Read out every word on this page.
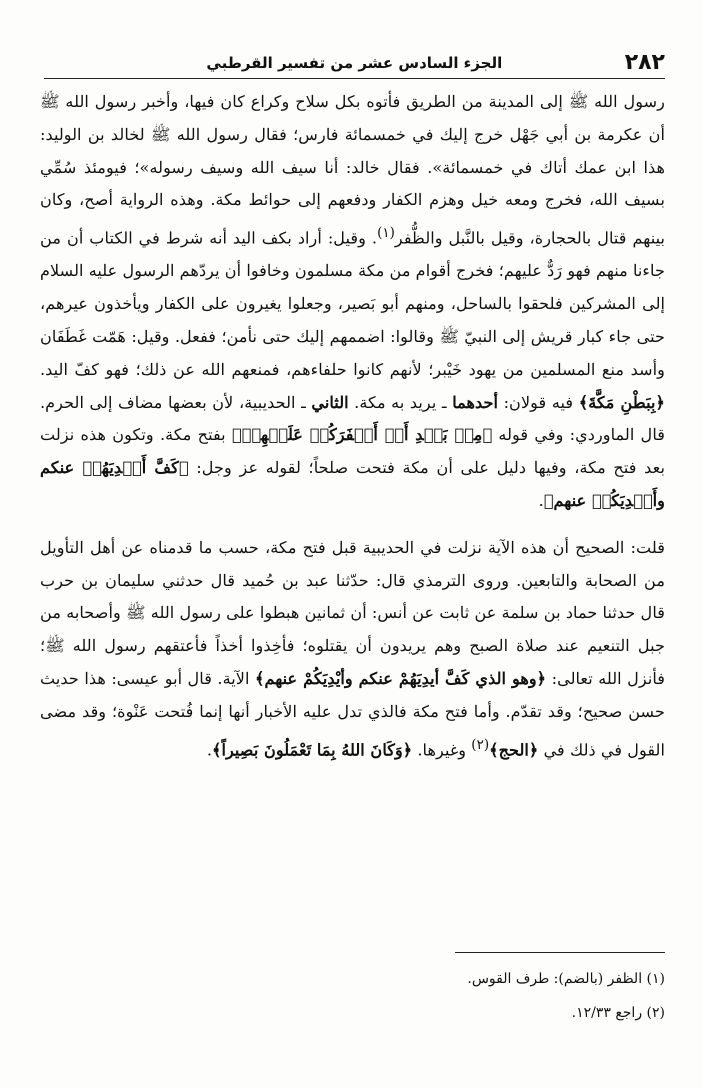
٢٨٢
الجزء السادس عشر من تفسير القرطبي

رسول الله ﷺ إلى المدينة من الطريق فأتوه بكل سلاح وكراع كان فيها، وأخبر رسول الله ﷺ أن عكرمة بن أبي جَهْل خرج إليك في خمسمائة فارس؛ فقال رسول الله ﷺ لخالد بن الوليد: هذا ابن عمك أتاك في خمسمائة». فقال خالد: أنا سيف الله وسيف رسوله»؛ فيومئذ سُمِّي بسيف الله، فخرج ومعه خيل وهزم الكفار ودفعهم إلى حوائط مكة. وهذه الرواية أصح، وكان بينهم قتال بالحجارة، وقيل بالنَّبل والظُّفر$^{(١)}$. وقيل: أراد بكف اليد أنه شرط في الكتاب أن من جاءنا منهم فهو رَدٌّ عليهم؛ فخرج أقوام من مكة مسلمون وخافوا أن يردّهم الرسول عليه السلام إلى المشركين فلحقوا بالساحل، ومنهم أبو بَصير، وجعلوا يغيرون على الكفار ويأخذون عيرهم، حتى جاء كبار قريش إلى النبيّ ﷺ وقالوا: اضممهم إليك حتى نأمن؛ ففعل. وقيل: هَمّت غَطَفَان وأسد منع المسلمين من يهود خَيْبر؛ لأنهم كانوا حلفاءهم، فمنعهم الله عن ذلك؛ فهو كفّ اليد. ﴿بِبَطْنِ مَكَّةَ﴾ فيه قولان: أحدهما ـ يريد به مكة. الثاني ـ الحديبية، لأن بعضها مضاف إلى الحرم. قال الماوردي: وفي قوله ﴿مِنۢ بَعۡدِ أَنۡ أَظۡفَرَكُمۡ عَلَيۡهِمۡ﴾ بفتح مكة. وتكون هذه نزلت بعد فتح مكة، وفيها دليل على أن مكة فتحت صلحاً؛ لقوله عز وجل: ﴿كَفَّ أَيۡدِيَهُمۡ عنكم وأَيۡدِيَكُمۡ عنهم﴾.

قلت: الصحيح أن هذه الآية نزلت في الحديبية قبل فتح مكة، حسب ما قدمناه عن أهل التأويل من الصحابة والتابعين. وروى الترمذي قال: حدّثنا عبد بن حُميد قال حدثني سليمان بن حرب قال حدثنا حماد بن سلمة عن ثابت عن أنس: أن ثمانين هبطوا على رسول الله ﷺ وأصحابه من جبل التنعيم عند صلاة الصبح وهم يريدون أن يقتلوه؛ فأخِذوا أخذاً فأعتقهم رسول الله ﷺ؛ فأنزل الله تعالى: ﴿وهو الذي كَفَّ أيدِيَهُمْ عنكم وأيْدِيَكُمْ عنهم﴾ الآية. قال أبو عيسى: هذا حديث حسن صحيح؛ وقد تقدّم. وأما فتح مكة فالذي تدل عليه الأخبار أنها إنما فُتحت عَنْوة؛ وقد مضى القول في ذلك في ﴿الحج﴾$^{(٢)}$ وغيرها. ﴿وَكَانَ اللهُ بِمَا تَعْمَلُونَ بَصِيراً﴾.

(١) الظفر (بالضم): طرف القوس.

(٢) راجع ١٢/٣٣.
